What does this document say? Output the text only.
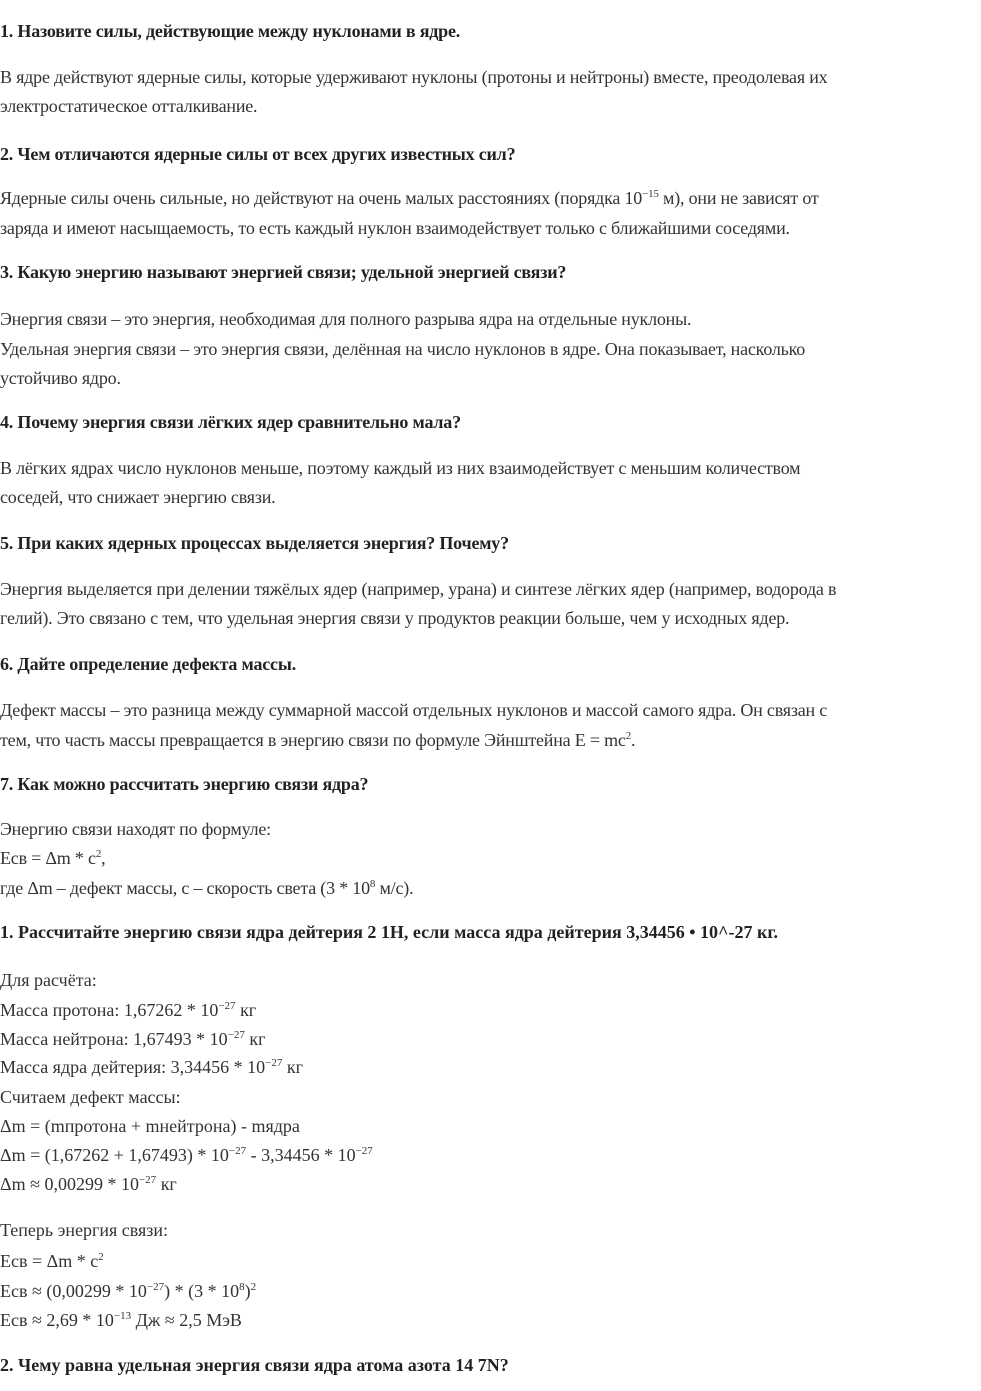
1. Назовите силы, действующие между нуклонами в ядре.
В ядре действуют ядерные силы, которые удерживают нуклоны (протоны и нейтроны) вместе, преодолевая их
электростатическое отталкивание.
2. Чем отличаются ядерные силы от всех других известных сил?
Ядерные силы очень сильные, но действуют на очень малых расстояниях (порядка $10^{-15}$ м), они не зависят от
заряда и имеют насыщаемость, то есть каждый нуклон взаимодействует только с ближайшими соседями.
3. Какую энергию называют энергией связи; удельной энергией связи?
Энергия связи – это энергия, необходимая для полного разрыва ядра на отдельные нуклоны.
Удельная энергия связи – это энергия связи, делённая на число нуклонов в ядре. Она показывает, насколько
устойчиво ядро.
4. Почему энергия связи лёгких ядер сравнительно мала?
В лёгких ядрах число нуклонов меньше, поэтому каждый из них взаимодействует с меньшим количеством
соседей, что снижает энергию связи.
5. При каких ядерных процессах выделяется энергия? Почему?
Энергия выделяется при делении тяжёлых ядер (например, урана) и синтезе лёгких ядер (например, водорода в
гелий). Это связано с тем, что удельная энергия связи у продуктов реакции больше, чем у исходных ядер.
6. Дайте определение дефекта массы.
Дефект массы – это разница между суммарной массой отдельных нуклонов и массой самого ядра. Он связан с
тем, что часть массы превращается в энергию связи по формуле Эйнштейна $E = mc^2$.
7. Как можно рассчитать энергию связи ядра?
Энергию связи находят по формуле:
Есв = Δm * $c^2$,
где Δm – дефект массы, c – скорость света ($3 * 10^8$ м/с).
1. Рассчитайте энергию связи ядра дейтерия 2 1H, если масса ядра дейтерия 3,34456 • 10^-27 кг.
Для расчёта:
Масса протона: $1,67262 * 10^{-27}$ кг
Масса нейтрона: $1,67493 * 10^{-27}$ кг
Масса ядра дейтерия: $3,34456 * 10^{-27}$ кг
Считаем дефект массы:
Δm = (mпротона + mнейтрона) - mядра
$\Delta m = (1,67262 + 1,67493) * 10^{-27} - 3,34456 * 10^{-27}$
$\Delta m \approx 0,00299 * 10^{-27}$ кг
Теперь энергия связи:
Есв = Δm * $c^2$
Есв ≈ $(0,00299 * 10^{-27}) * (3 * 10^8)^2$
Есв ≈ $2,69 * 10^{-13}$ Дж ≈ 2,5 МэВ
2. Чему равна удельная энергия связи ядра атома азота 14 7N?
